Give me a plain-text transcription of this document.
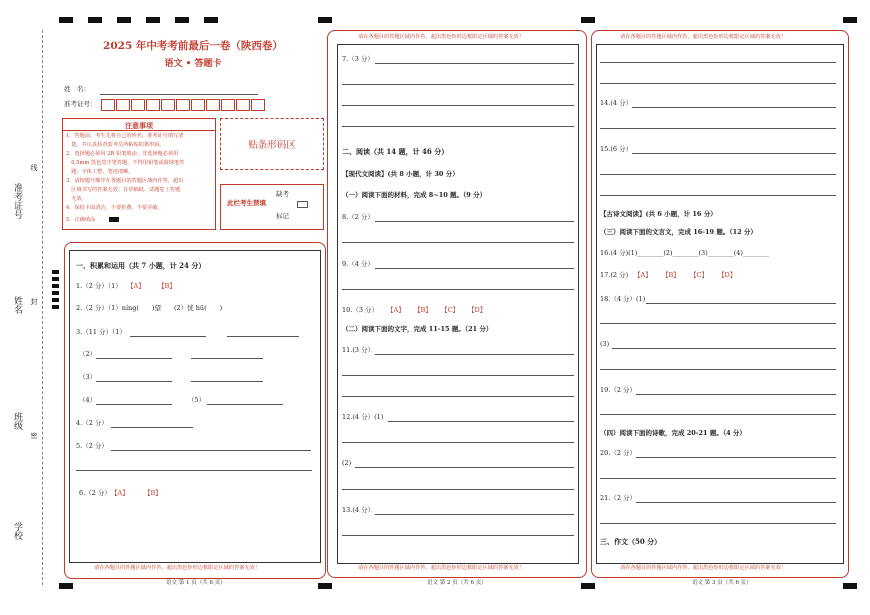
准考证号
线
姓名 封
班级
密
学校
2025 年中考考前最后一卷（陕西卷）
语文 • 答题卡
姓　名：
准考证号：
注意事项
1．答题前，考生先将自己的姓名，准考证号填写清
　楚，并认真检查监考员所粘贴的条形码。
2．选择题必须用 2B 铅笔填涂；非选择题必须用
　0.5mm 黑色签字笔答题，不得用铅笔或圆珠笔答
　题；字体工整、笔迹清晰。
3．请按题号顺序在各题目的答题区域内作答，超出
　区域书写的答案无效；在草稿纸、试题卷上答题
　无效。
4．保持卡面清洁，不要折叠、不要弄破。
5．正确填涂
贴条形码区
此栏考生禁填
缺考
标记
一、积累和运用（共 7 小题，计 24 分）
1.（2 分）（1） 【A】 【B】
2.（2 分）（1）níng(　　)望　　(2）恍 hū(　　)
3.（11 分）（1）
（2）
（3）
（4）	（5）
4.（2 分）
5.（2 分）
6.（2 分） 【A】 【B】
请在各题目的答题区域内作答，超出黑色矩形边框限定区域的答案无效！
语文 第 1 页（共 6 页）
请在各题目的答题区域内作答，超出黑色矩形边框限定区域的答案无效！
7.（3 分）
二、阅读（共 14 题，计 46 分）
【现代文阅读】(共 8 小题，计 30 分）
（一）阅读下面的材料，完成 8~10 题。（9 分）
8.（2 分）
9.（4 分）
10.（3 分） 【A】 【B】 【C】 【D】
（二）阅读下面的文字，完成 11-15 题。（21 分）
11.(3 分）
12.(4 分）(1)
(2)
13.(4 分）
请在各题目的答题区域内作答，超出黑色矩形边框限定区域的答案无效！
语文 第 2 页（共 6 页）
请在各题目的答题区域内作答，超出黑色矩形边框限定区域的答案无效！
14.(4 分）
15.(6 分）
【古诗文阅读】(共 6 小题，计 16 分）
（三）阅读下面的文言文，完成 16-19 题。（12 分）
16.(4 分)(1)________(2)________(3)________(4)________
17.(2 分) 【A】 【B】 【C】 【D】
18.（4 分）(1)
(3)
19.（2 分）
（四）阅读下面的诗歌，完成 20-21 题。（4 分）
20.（2 分）
21.（2 分）
三、作文（50 分）
请在各题目的答题区域内作答，超出黑色矩形边框限定区域的答案无效！
语文 第 3 页（共 6 页）
